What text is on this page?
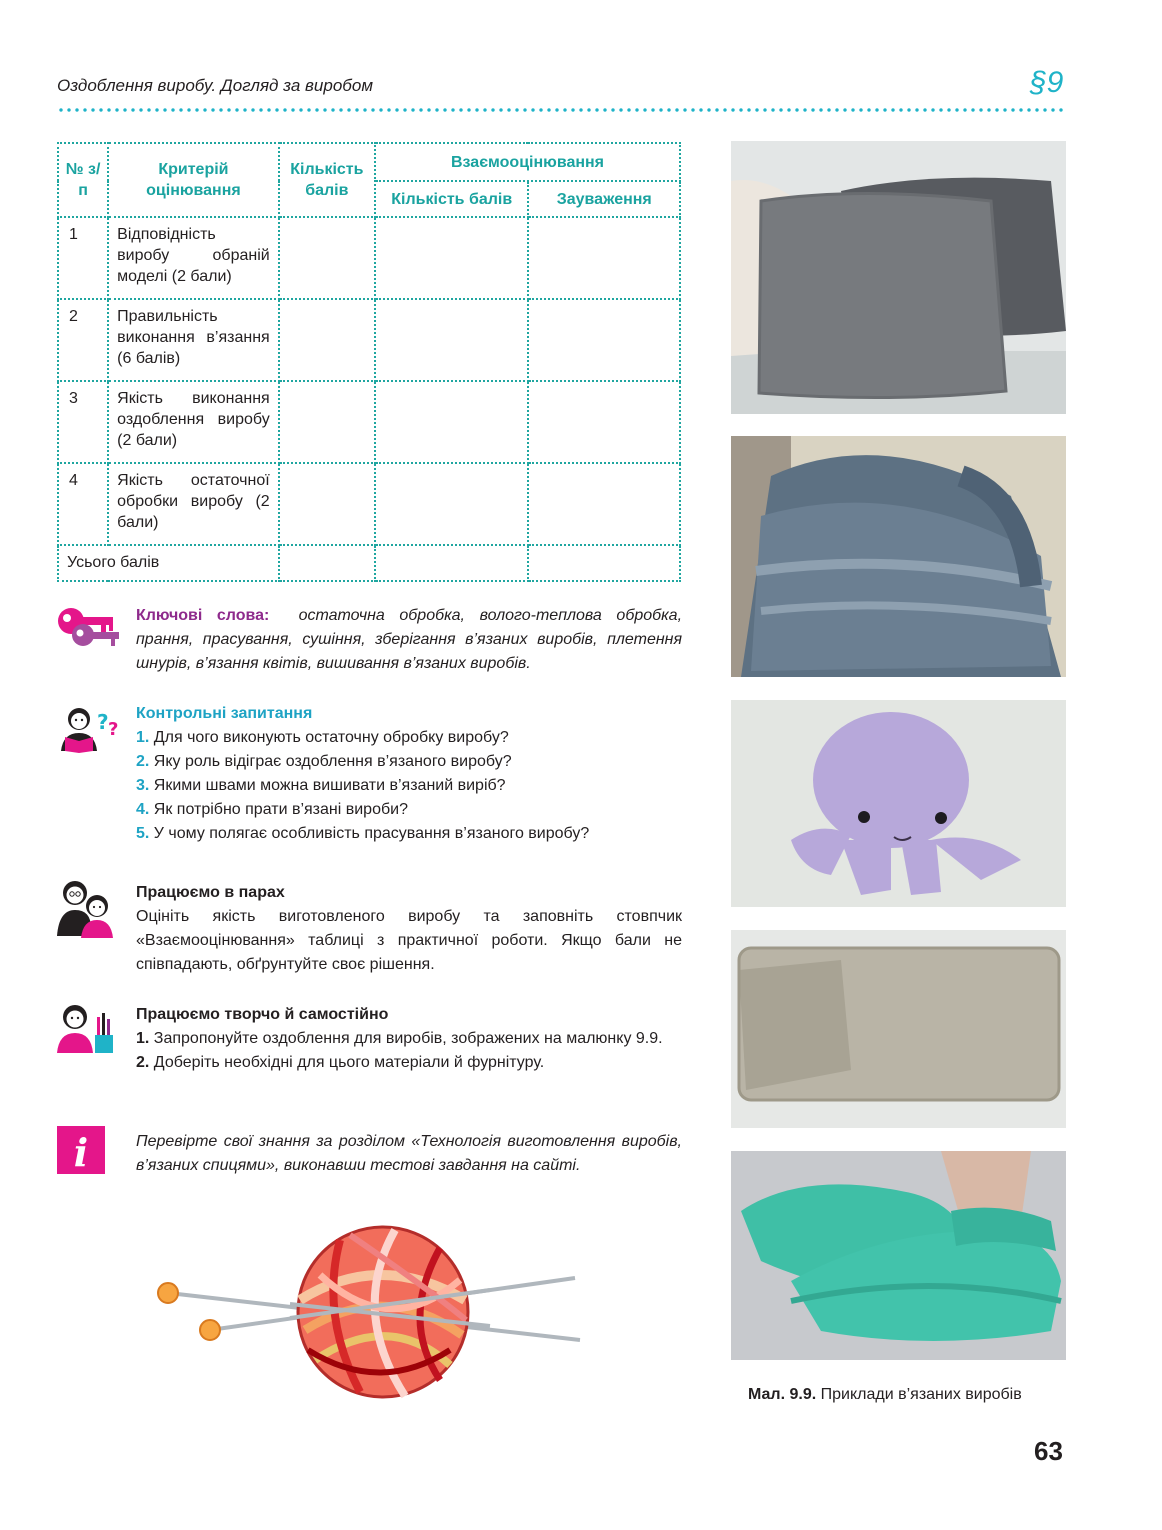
Оздоблення виробу. Догляд за виробом	§9
№ з/п	Критерій оцінювання	Кількість балів	Взаємооцінювання	
			Кількість балів	Зауваження
1	Відповідність виробу обраній моделі (2 бали)			
2	Правильність виконання в’язання (6 балів)			
3	Якість виконання оздоблення виробу (2 бали)			
4	Якість остаточної обробки виробу (2 бали)			
Усього балів				
Ключові слова: остаточна обробка, волого-теплова обробка, прання, прасування, сушіння, зберігання в’язаних виробів, плетення шнурів, в’язання квітів, вишивання в’язаних виробів.
? ?
Контрольні запитання
1. Для чого виконують остаточну обробку виробу?
2. Яку роль відіграє оздоблення в’язаного виробу?
3. Якими швами можна вишивати в’язаний виріб?
4. Як потрібно прати в’язані вироби?
5. У чому полягає особливість прасування в’язаного виробу?
Працюємо в парах
Оцініть якість виготовленого виробу та заповніть стовпчик «Взаємооцінювання» таблиці з практичної роботи. Якщо бали не співпадають, обґрунтуйте своє рішення.
Працюємо творчо й самостійно
1. Запропонуйте оздоблення для виробів, зображених на малюнку 9.9.
2. Доберіть необхідні для цього матеріали й фурнітуру.
i	Перевірте свої знання за розділом «Технологія виготовлення виробів, в’язаних спицями», виконавши тестові завдання на сайті.
Мал. 9.9. Приклади в’язаних виробів
63
